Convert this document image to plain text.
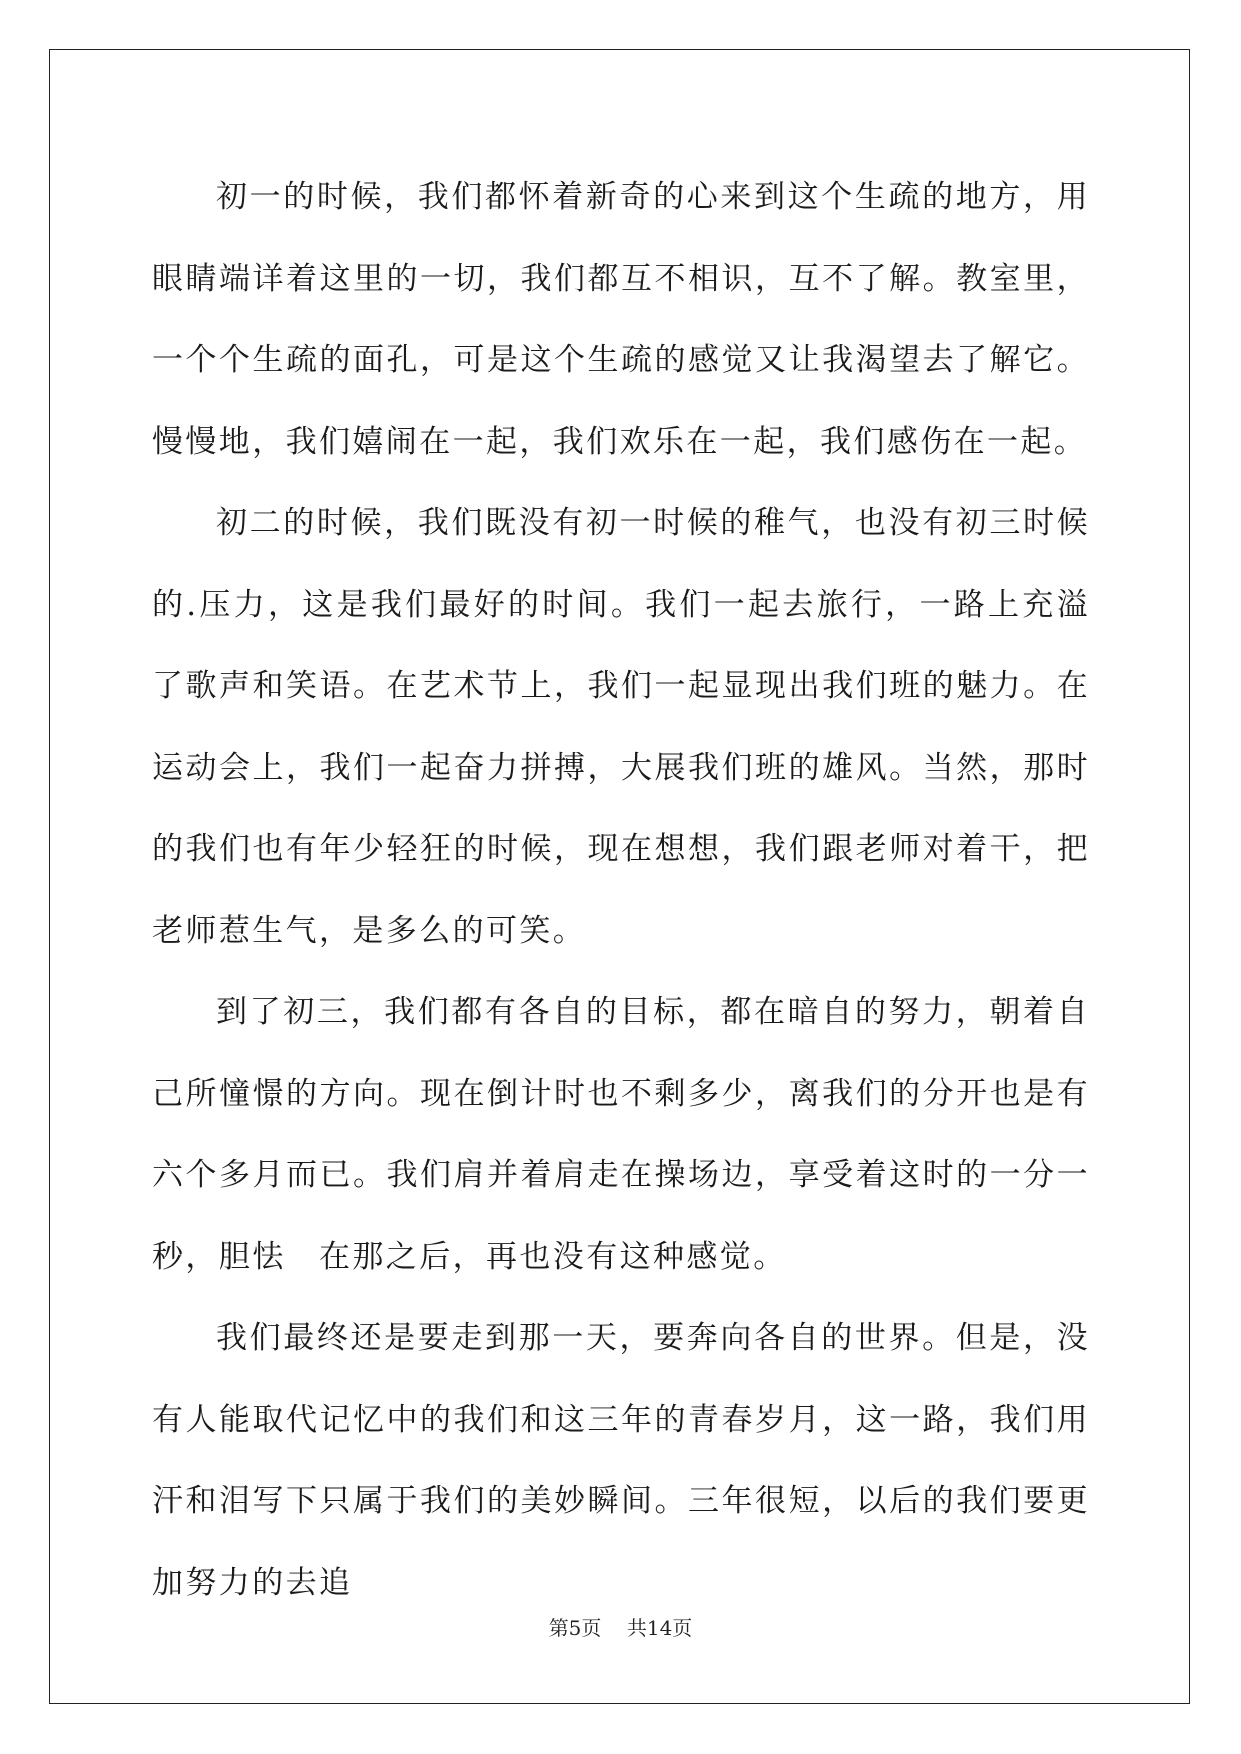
初一的时候，我们都怀着新奇的心来到这个生疏的地方，用眼睛端详着这里的一切，我们都互不相识，互不了解。教室里，一个个生疏的面孔，可是这个生疏的感觉又让我渴望去了解它。慢慢地，我们嬉闹在一起，我们欢乐在一起，我们感伤在一起。

初二的时候，我们既没有初一时候的稚气，也没有初三时候的.压力，这是我们最好的时间。我们一起去旅行，一路上充溢了歌声和笑语。在艺术节上，我们一起显现出我们班的魅力。在运动会上，我们一起奋力拼搏，大展我们班的雄风。当然，那时的我们也有年少轻狂的时候，现在想想，我们跟老师对着干，把老师惹生气，是多么的可笑。

到了初三，我们都有各自的目标，都在暗自的努力，朝着自己所憧憬的方向。现在倒计时也不剩多少，离我们的分开也是有六个多月而已。我们肩并着肩走在操场边，享受着这时的一分一秒，胆怯　在那之后，再也没有这种感觉。

我们最终还是要走到那一天，要奔向各自的世界。但是，没有人能取代记忆中的我们和这三年的青春岁月，这一路，我们用汗和泪写下只属于我们的美妙瞬间。三年很短，以后的我们要更加努力的去追

第5页 共14页
